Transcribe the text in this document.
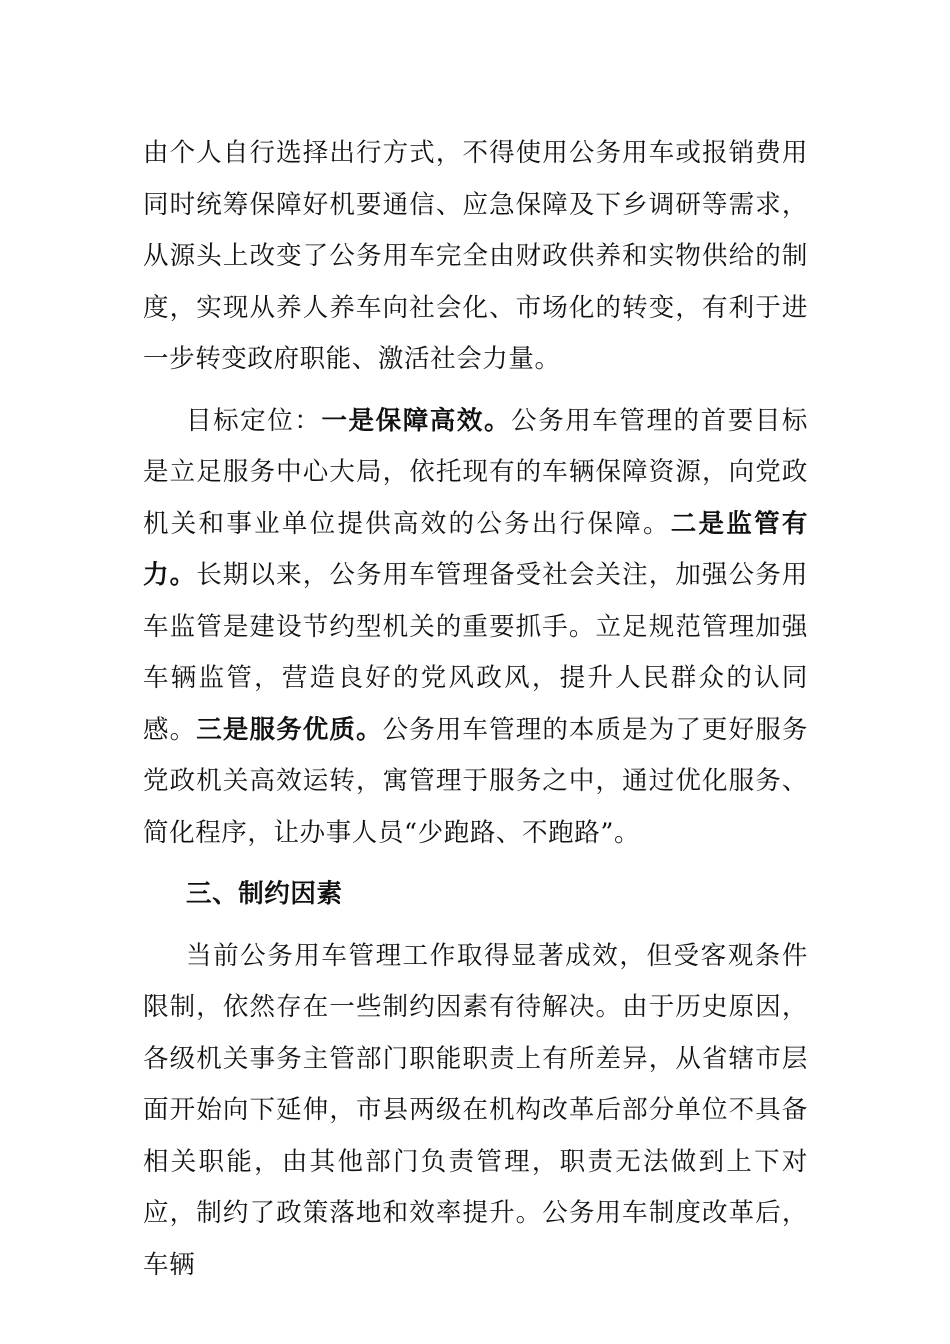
由个人自行选择出行方式，不得使用公务用车或报销费用同时统筹保障好机要通信、应急保障及下乡调研等需求，从源头上改变了公务用车完全由财政供养和实物供给的制度，实现从养人养车向社会化、市场化的转变，有利于进一步转变政府职能、激活社会力量。

目标定位：一是保障高效。公务用车管理的首要目标是立足服务中心大局，依托现有的车辆保障资源，向党政机关和事业单位提供高效的公务出行保障。二是监管有力。长期以来，公务用车管理备受社会关注，加强公务用车监管是建设节约型机关的重要抓手。立足规范管理加强车辆监管，营造良好的党风政风，提升人民群众的认同感。三是服务优质。公务用车管理的本质是为了更好服务党政机关高效运转，寓管理于服务之中，通过优化服务、简化程序，让办事人员“少跑路、不跑路”。

三、制约因素

当前公务用车管理工作取得显著成效，但受客观条件限制，依然存在一些制约因素有待解决。由于历史原因，各级机关事务主管部门职能职责上有所差异，从省辖市层面开始向下延伸，市县两级在机构改革后部分单位不具备相关职能，由其他部门负责管理，职责无法做到上下对应，制约了政策落地和效率提升。公务用车制度改革后，车辆
